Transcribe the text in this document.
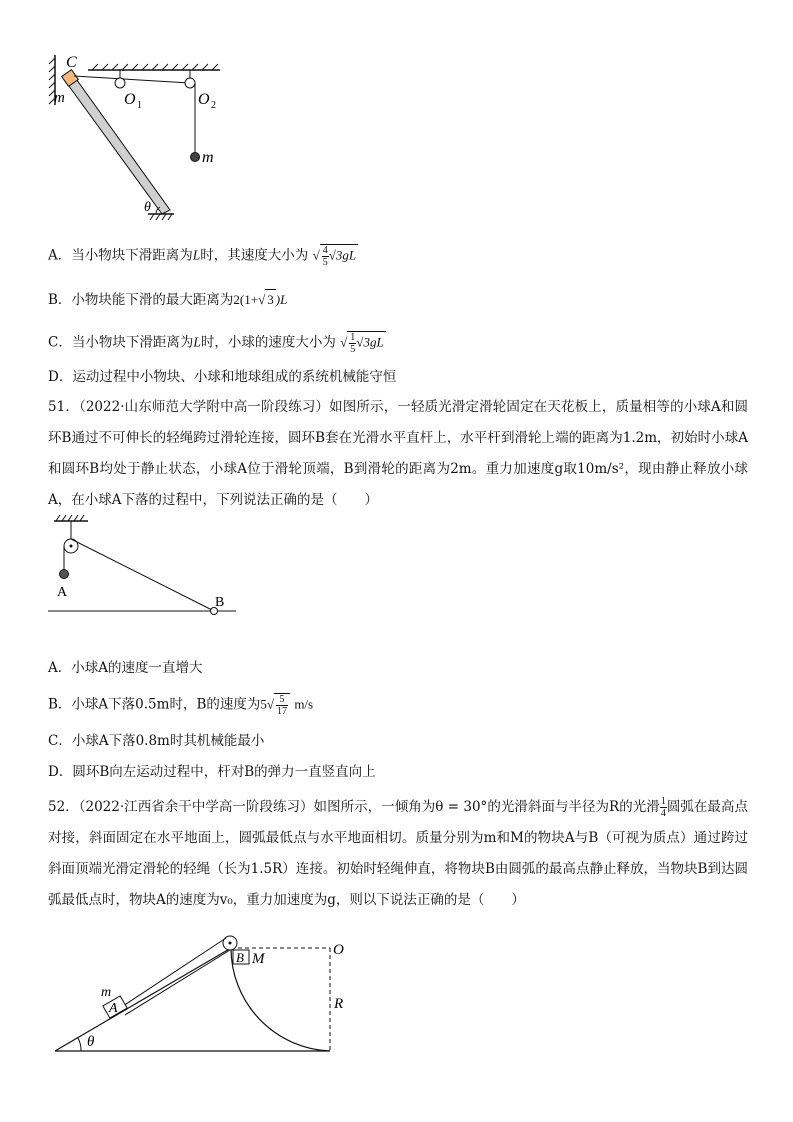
C
m	O 1	O 2
m
θ
A．当小物块下滑距离为L时，其速度大小为 √ $\frac{4}{5} √3gL$
B．小物块能下滑的最大距离为2(1+√ 3 )L
C．当小物块下滑距离为L时，小球的速度大小为 √ $\frac{1}{5} √3gL$
D．运动过程中小物块、小球和地球组成的系统机械能守恒
51．（2022·山东师范大学附中高一阶段练习）如图所示，一轻质光滑定滑轮固定在天花板上，质量相等的小球A和圆环B通过不可伸长的轻绳跨过滑轮连接，圆环B套在光滑水平直杆上，水平杆到滑轮上端的距离为1.2m，初始时小球A和圆环B均处于静止状态，小球A位于滑轮顶端，B到滑轮的距离为2m。重力加速度g取10m/s²，现由静止释放小球A，在小球A下落的过程中，下列说法正确的是（　　）
A
B
A．小球A的速度一直增大
B．小球A下落0.5m时，B的速度为$5√ \frac{5}{17} m/s$
C．小球A下落0.8m时其机械能最小
D．圆环B向左运动过程中，杆对B的弹力一直竖直向上
52．（2022·江西省余干中学高一阶段练习）如图所示，一倾角为θ = 30°的光滑斜面与半径为R的光滑 $\frac{1}{4}$ 圆弧在最高点对接，斜面固定在水平地面上，圆弧最低点与水平地面相切。质量分别为m和M的物块A与B（可视为质点）通过跨过斜面顶端光滑定滑轮的轻绳（长为1.5R）连接。初始时轻绳伸直，将物块B由圆弧的最高点静止释放，当物块B到达圆弧最低点时，物块A的速度为v₀，重力加速度为g，则以下说法正确的是（　　）
B M
O
m
A	R
θ
